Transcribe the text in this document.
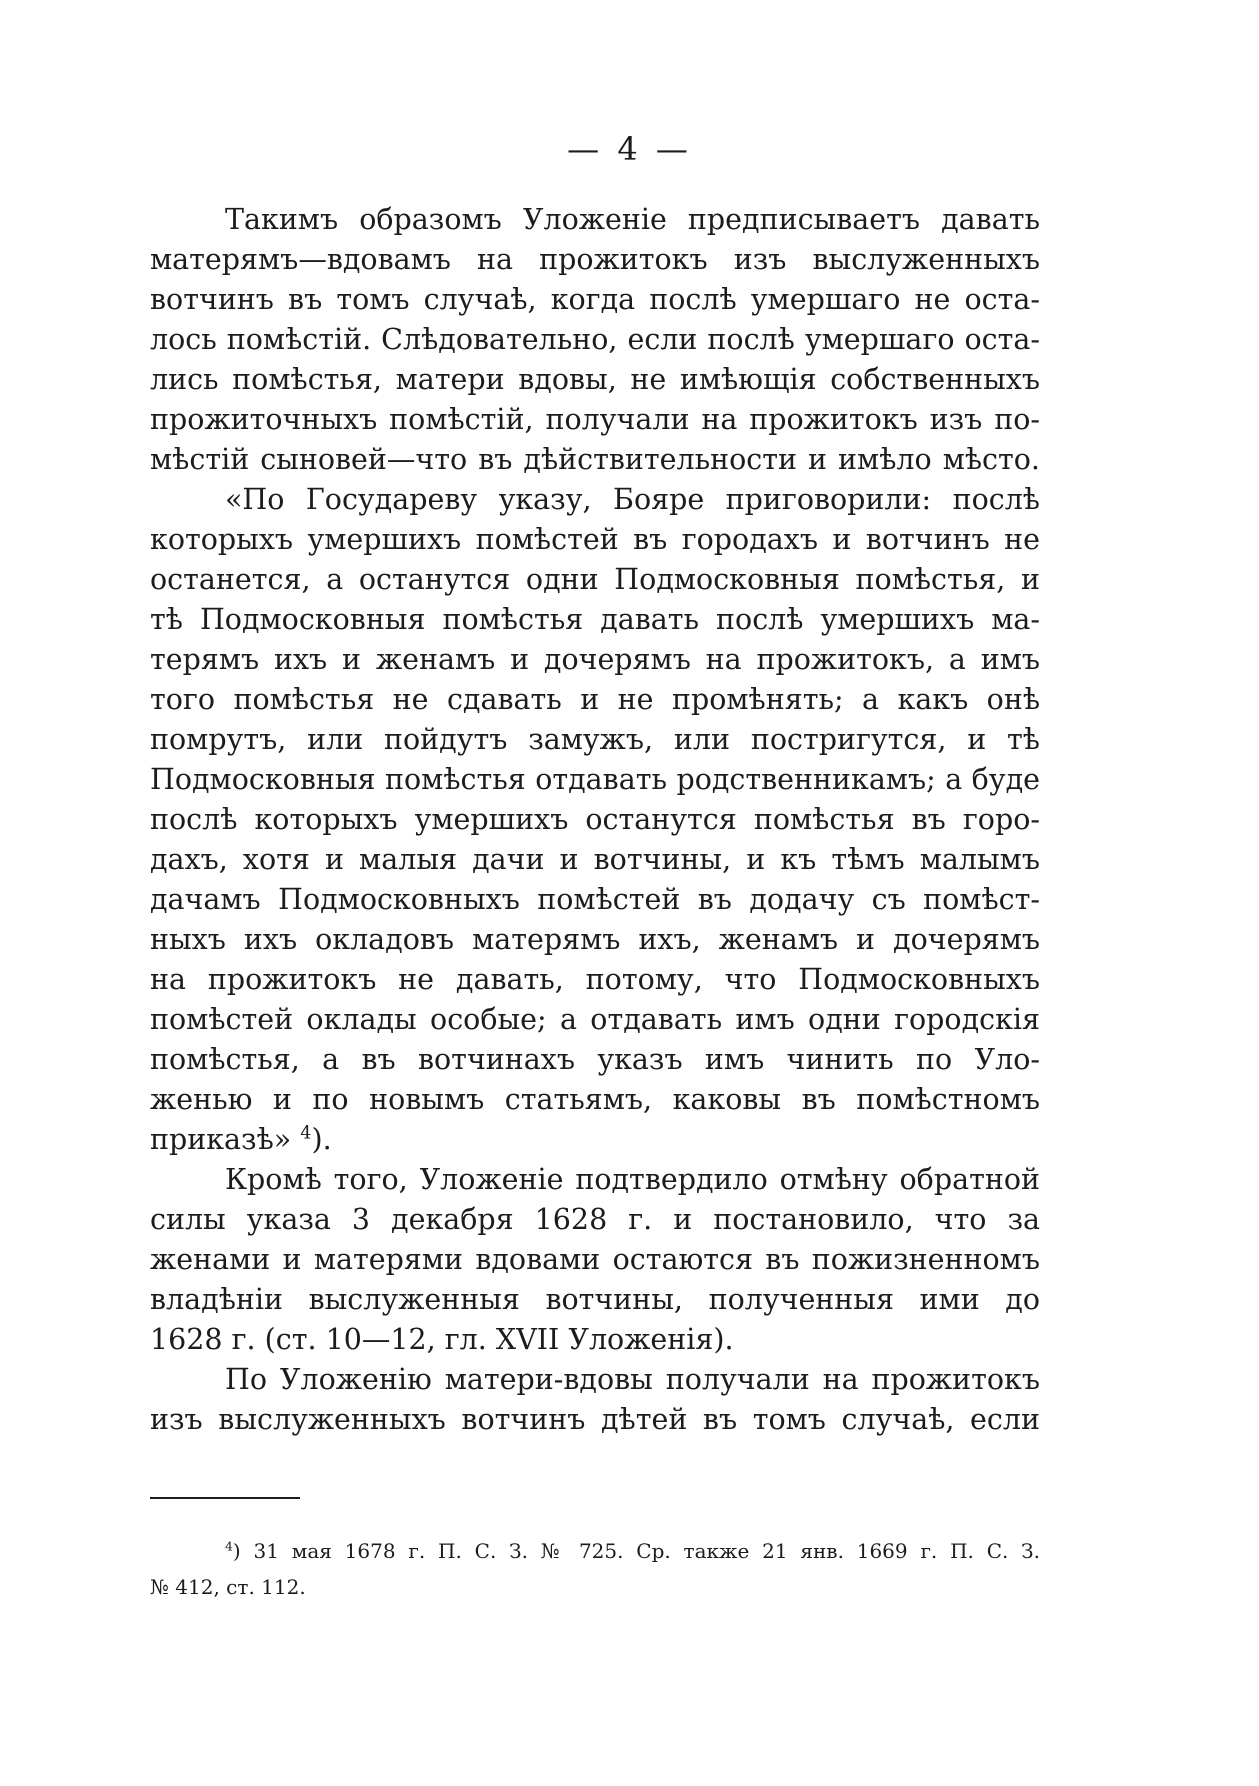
— 4 —
Такимъ образомъ Уложеніе предписываетъ давать
матерямъ—вдовамъ на прожитокъ изъ выслуженныхъ
вотчинъ въ томъ случаѣ, когда послѣ умершаго не оста-
лось помѣстій. Слѣдовательно, если послѣ умершаго оста-
лись помѣстья, матери вдовы, не имѣющія собственныхъ
прожиточныхъ помѣстій, получали на прожитокъ изъ по-
мѣстій сыновей—что въ дѣйствительности и имѣло мѣсто.
«По Государеву указу, Бояре приговорили: послѣ
которыхъ умершихъ помѣстей въ городахъ и вотчинъ не
останется, а останутся одни Подмосковныя помѣстья, и
тѣ Подмосковныя помѣстья давать послѣ умершихъ ма-
терямъ ихъ и женамъ и дочерямъ на прожитокъ, а имъ
того помѣстья не сдавать и не промѣнять; а какъ онѣ
помрутъ, или пойдутъ замужъ, или постригутся, и тѣ
Подмосковныя помѣстья отдавать родственникамъ; а буде
послѣ которыхъ умершихъ останутся помѣстья въ горо-
дахъ, хотя и малыя дачи и вотчины, и къ тѣмъ малымъ
дачамъ Подмосковныхъ помѣстей въ додачу съ помѣст-
ныхъ ихъ окладовъ матерямъ ихъ, женамъ и дочерямъ
на прожитокъ не давать, потому, что Подмосковныхъ
помѣстей оклады особые; а отдавать имъ одни городскія
помѣстья, а въ вотчинахъ указъ имъ чинить по Уло-
женью и по новымъ статьямъ, каковы въ помѣстномъ
приказѣ» $^4$).
Кромѣ того, Уложеніе подтвердило отмѣну обратной
силы указа 3 декабря 1628 г. и постановило, что за
женами и матерями вдовами остаются въ пожизненномъ
владѣніи выслуженныя вотчины, полученныя ими до
1628 г. (ст. 10—12, гл. XVII Уложенія).
По Уложенію матери-вдовы получали на прожитокъ
изъ выслуженныхъ вотчинъ дѣтей въ томъ случаѣ, если
$^4$) 31 мая 1678 г. П. С. З. № 725. Ср. также 21 янв. 1669 г. П. С. З.
№ 412, ст. 112.
